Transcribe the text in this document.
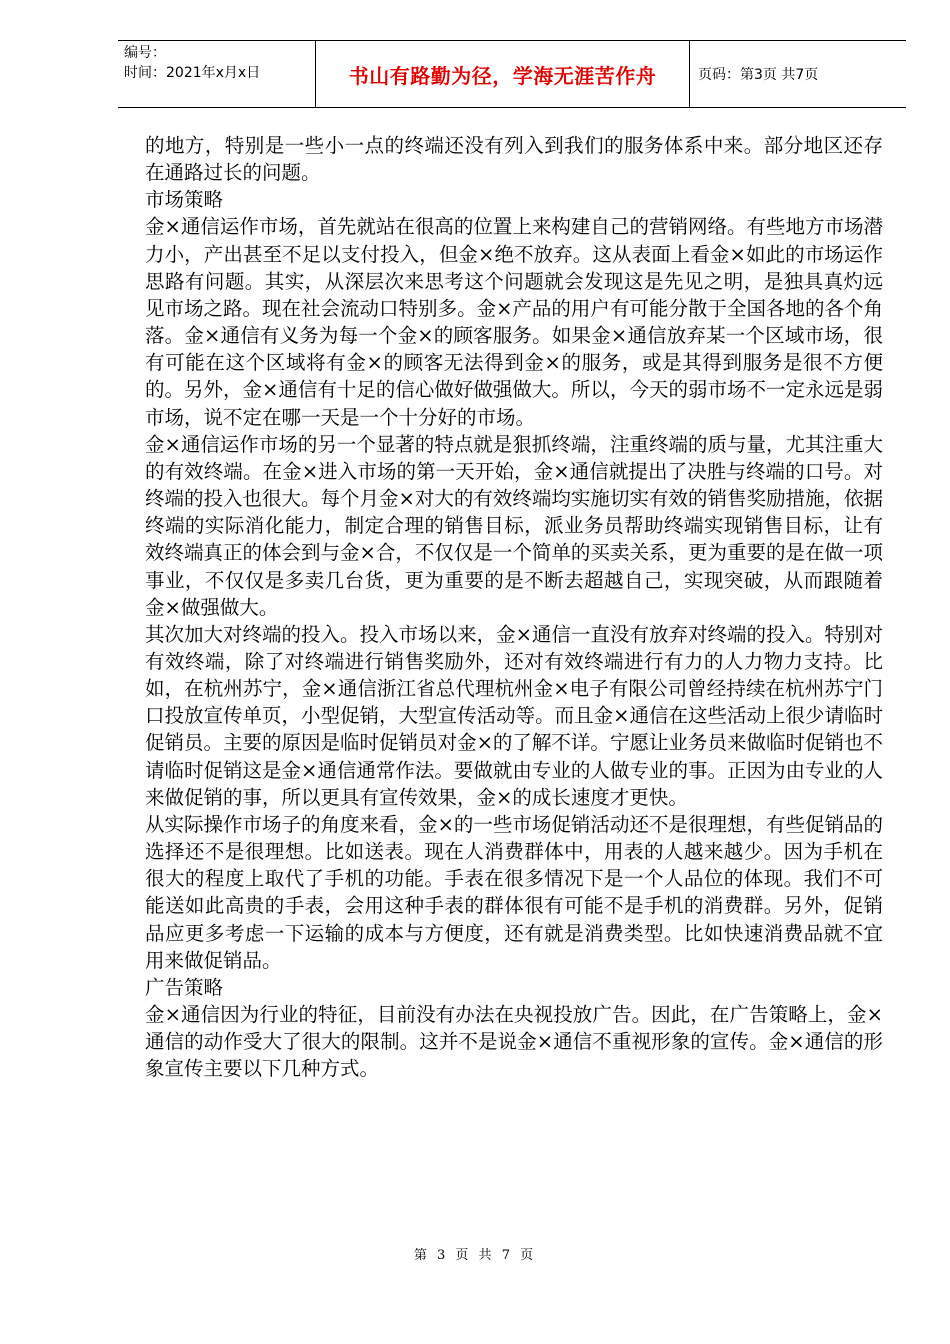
编号：
时间：2021年x月x日	书山有路勤为径，学海无涯苦作舟	页码：第3页 共7页

的地方，特别是一些小一点的终端还没有列入到我们的服务体系中来。部分地区还存在通路过长的问题。

市场策略

金×通信运作市场，首先就站在很高的位置上来构建自己的营销网络。有些地方市场潜力小，产出甚至不足以支付投入，但金×绝不放弃。这从表面上看金×如此的市场运作思路有问题。其实，从深层次来思考这个问题就会发现这是先见之明，是独具真灼远见市场之路。现在社会流动口特别多。金×产品的用户有可能分散于全国各地的各个角落。金×通信有义务为每一个金×的顾客服务。如果金×通信放弃某一个区域市场，很有可能在这个区域将有金×的顾客无法得到金×的服务，或是其得到服务是很不方便的。另外，金×通信有十足的信心做好做强做大。所以，今天的弱市场不一定永远是弱市场，说不定在哪一天是一个十分好的市场。

金×通信运作市场的另一个显著的特点就是狠抓终端，注重终端的质与量，尤其注重大的有效终端。在金×进入市场的第一天开始，金×通信就提出了决胜与终端的口号。对终端的投入也很大。每个月金×对大的有效终端均实施切实有效的销售奖励措施，依据终端的实际消化能力，制定合理的销售目标，派业务员帮助终端实现销售目标，让有效终端真正的体会到与金×合，不仅仅是一个简单的买卖关系，更为重要的是在做一项事业，不仅仅是多卖几台货，更为重要的是不断去超越自己，实现突破，从而跟随着金×做强做大。

其次加大对终端的投入。投入市场以来，金×通信一直没有放弃对终端的投入。特别对有效终端，除了对终端进行销售奖励外，还对有效终端进行有力的人力物力支持。比如，在杭州苏宁，金×通信浙江省总代理杭州金×电子有限公司曾经持续在杭州苏宁门口投放宣传单页，小型促销，大型宣传活动等。而且金×通信在这些活动上很少请临时促销员。主要的原因是临时促销员对金×的了解不详。宁愿让业务员来做临时促销也不请临时促销这是金×通信通常作法。要做就由专业的人做专业的事。正因为由专业的人来做促销的事，所以更具有宣传效果，金×的成长速度才更快。

从实际操作市场子的角度来看，金×的一些市场促销活动还不是很理想，有些促销品的选择还不是很理想。比如送表。现在人消费群体中，用表的人越来越少。因为手机在很大的程度上取代了手机的功能。手表在很多情况下是一个人品位的体现。我们不可能送如此高贵的手表，会用这种手表的群体很有可能不是手机的消费群。另外，促销品应更多考虑一下运输的成本与方便度，还有就是消费类型。比如快速消费品就不宜用来做促销品。

广告策略

金×通信因为行业的特征，目前没有办法在央视投放广告。因此，在广告策略上，金×通信的动作受大了很大的限制。这并不是说金×通信不重视形象的宣传。金×通信的形象宣传主要以下几种方式。

第 3 页 共 7 页
